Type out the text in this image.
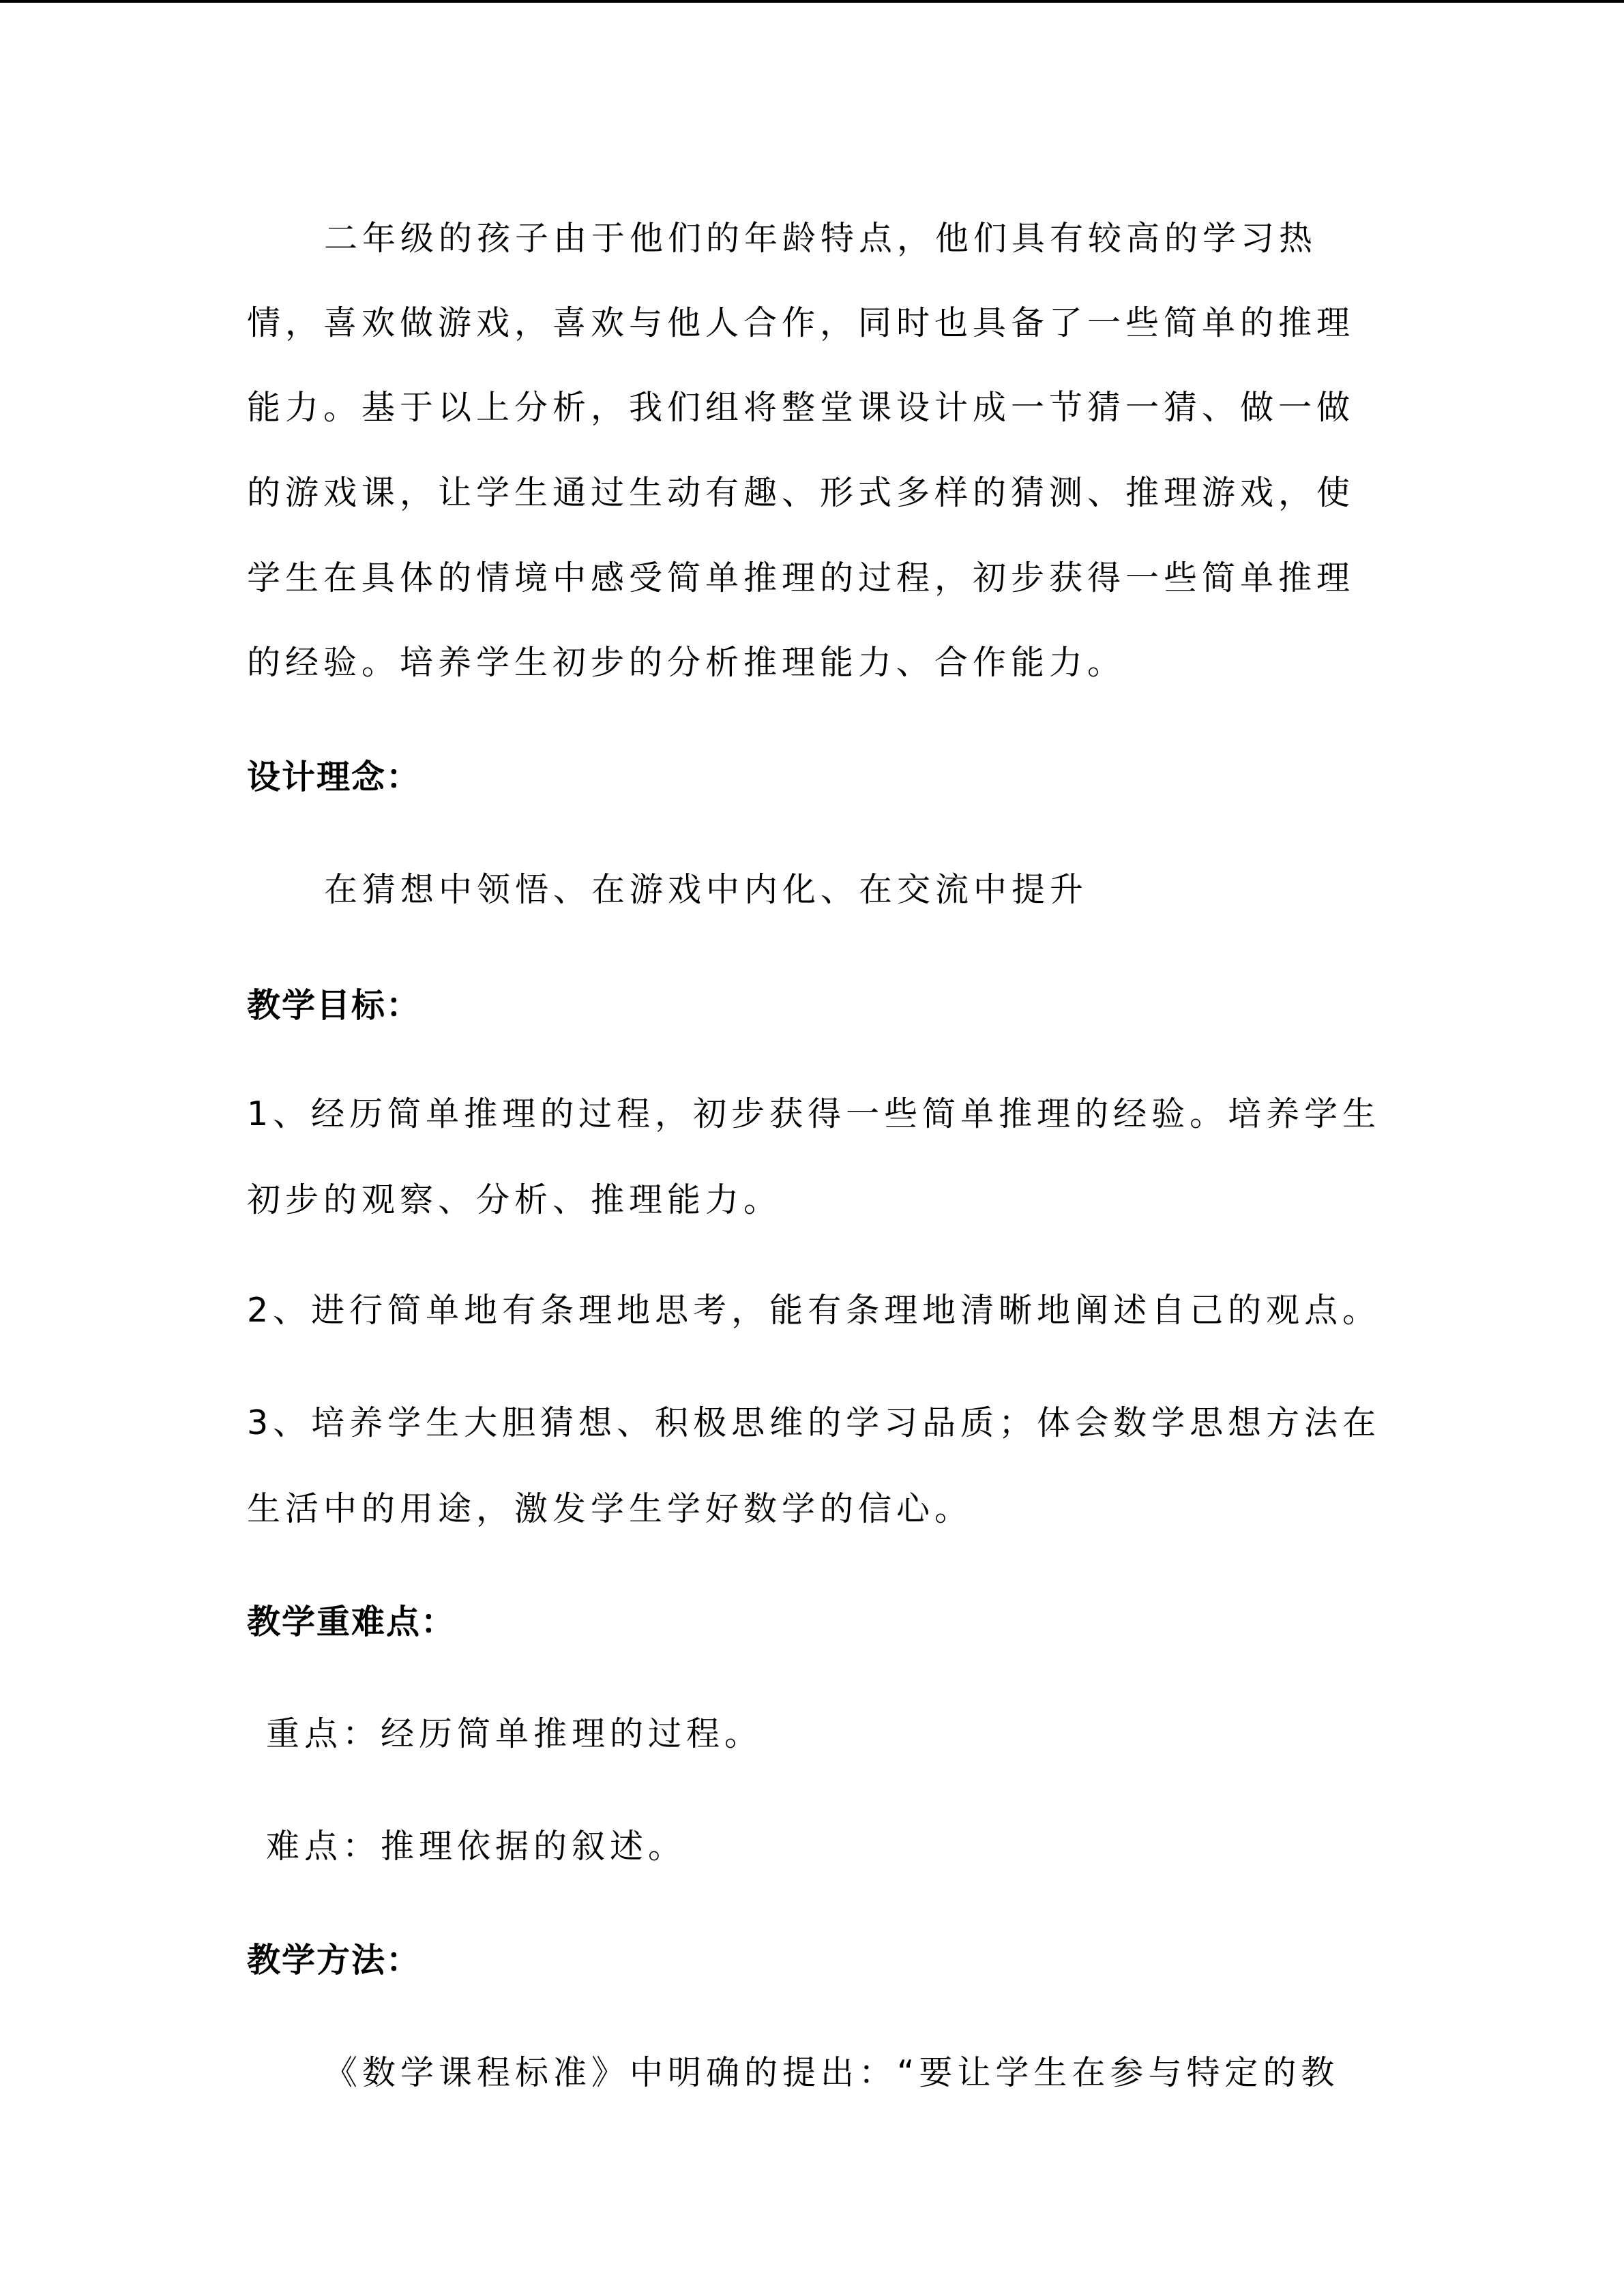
二年级的孩子由于他们的年龄特点，他们具有较高的学习热

情，喜欢做游戏，喜欢与他人合作，同时也具备了一些简单的推理

能力。基于以上分析，我们组将整堂课设计成一节猜一猜、做一做

的游戏课，让学生通过生动有趣、形式多样的猜测、推理游戏，使

学生在具体的情境中感受简单推理的过程，初步获得一些简单推理

的经验。培养学生初步的分析推理能力、合作能力。

设计理念：

在猜想中领悟、在游戏中内化、在交流中提升

教学目标：

1、经历简单推理的过程，初步获得一些简单推理的经验。培养学生

初步的观察、分析、推理能力。

2、进行简单地有条理地思考，能有条理地清晰地阐述自己的观点。

3、培养学生大胆猜想、积极思维的学习品质；体会数学思想方法在

生活中的用途，激发学生学好数学的信心。

教学重难点：

重点：经历简单推理的过程。

难点：推理依据的叙述。

教学方法：

《数学课程标准》中明确的提出：“要让学生在参与特定的教
